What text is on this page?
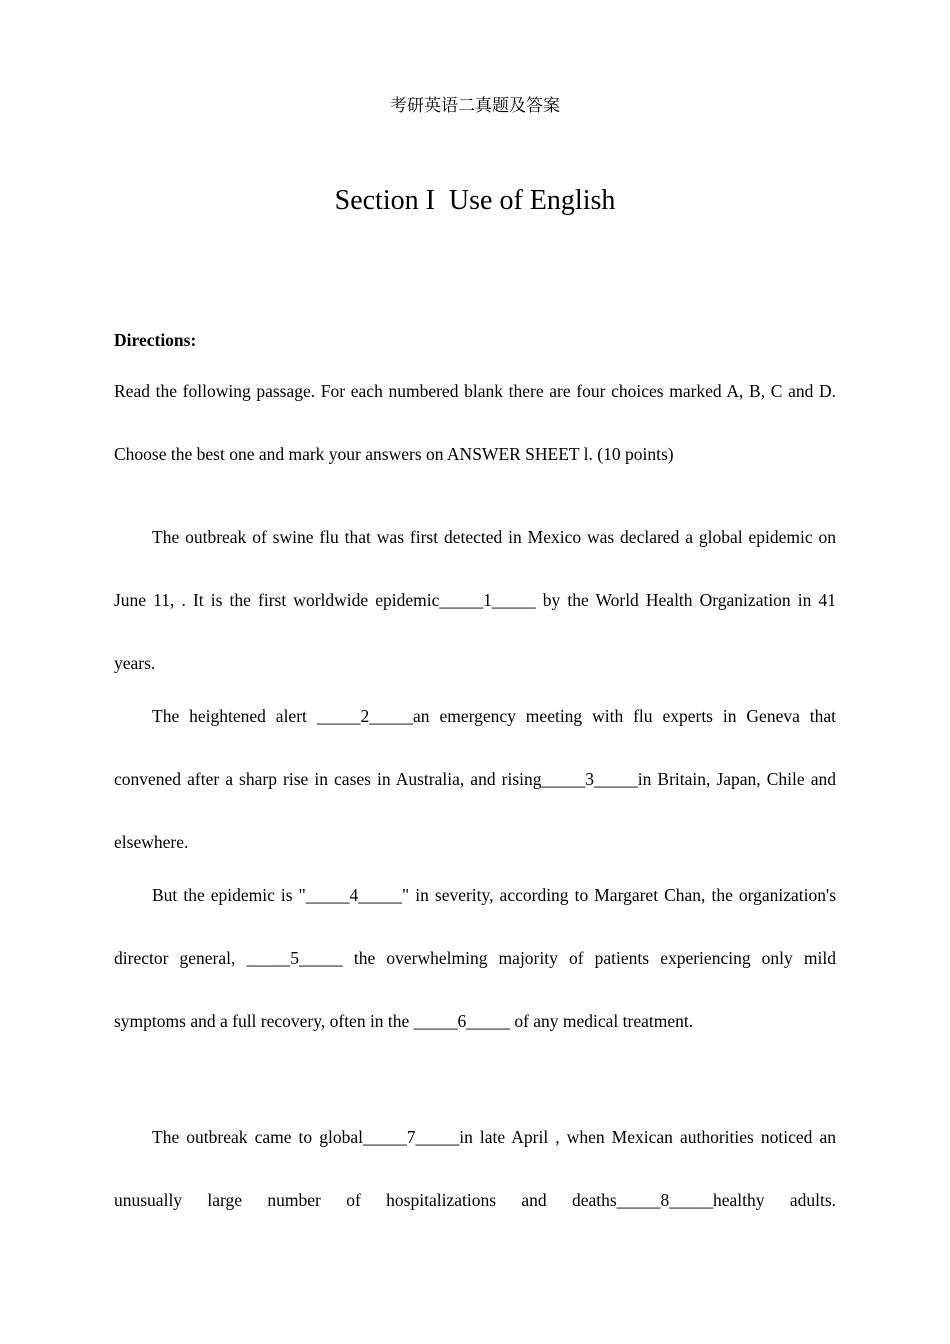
考研英语二真题及答案
Section I  Use of English
Directions:
Read the following passage. For each numbered blank there are four choices marked A, B, C and D. Choose the best one and mark your answers on ANSWER SHEET l. (10 points)
The outbreak of swine flu that was first detected in Mexico was declared a global epidemic on June 11, . It is the first worldwide epidemic_____1_____ by the World Health Organization in 41 years.
The heightened alert _____2_____an emergency meeting with flu experts in Geneva that convened after a sharp rise in cases in Australia, and rising_____3_____in Britain, Japan, Chile and elsewhere.
But the epidemic is "_____4_____" in severity, according to Margaret Chan, the organization's director general, _____5_____ the overwhelming majority of patients experiencing only mild symptoms and a full recovery, often in the _____6_____ of any medical treatment.
The outbreak came to global_____7_____in late April , when Mexican authorities noticed an unusually large number of hospitalizations and deaths_____8_____healthy adults.
